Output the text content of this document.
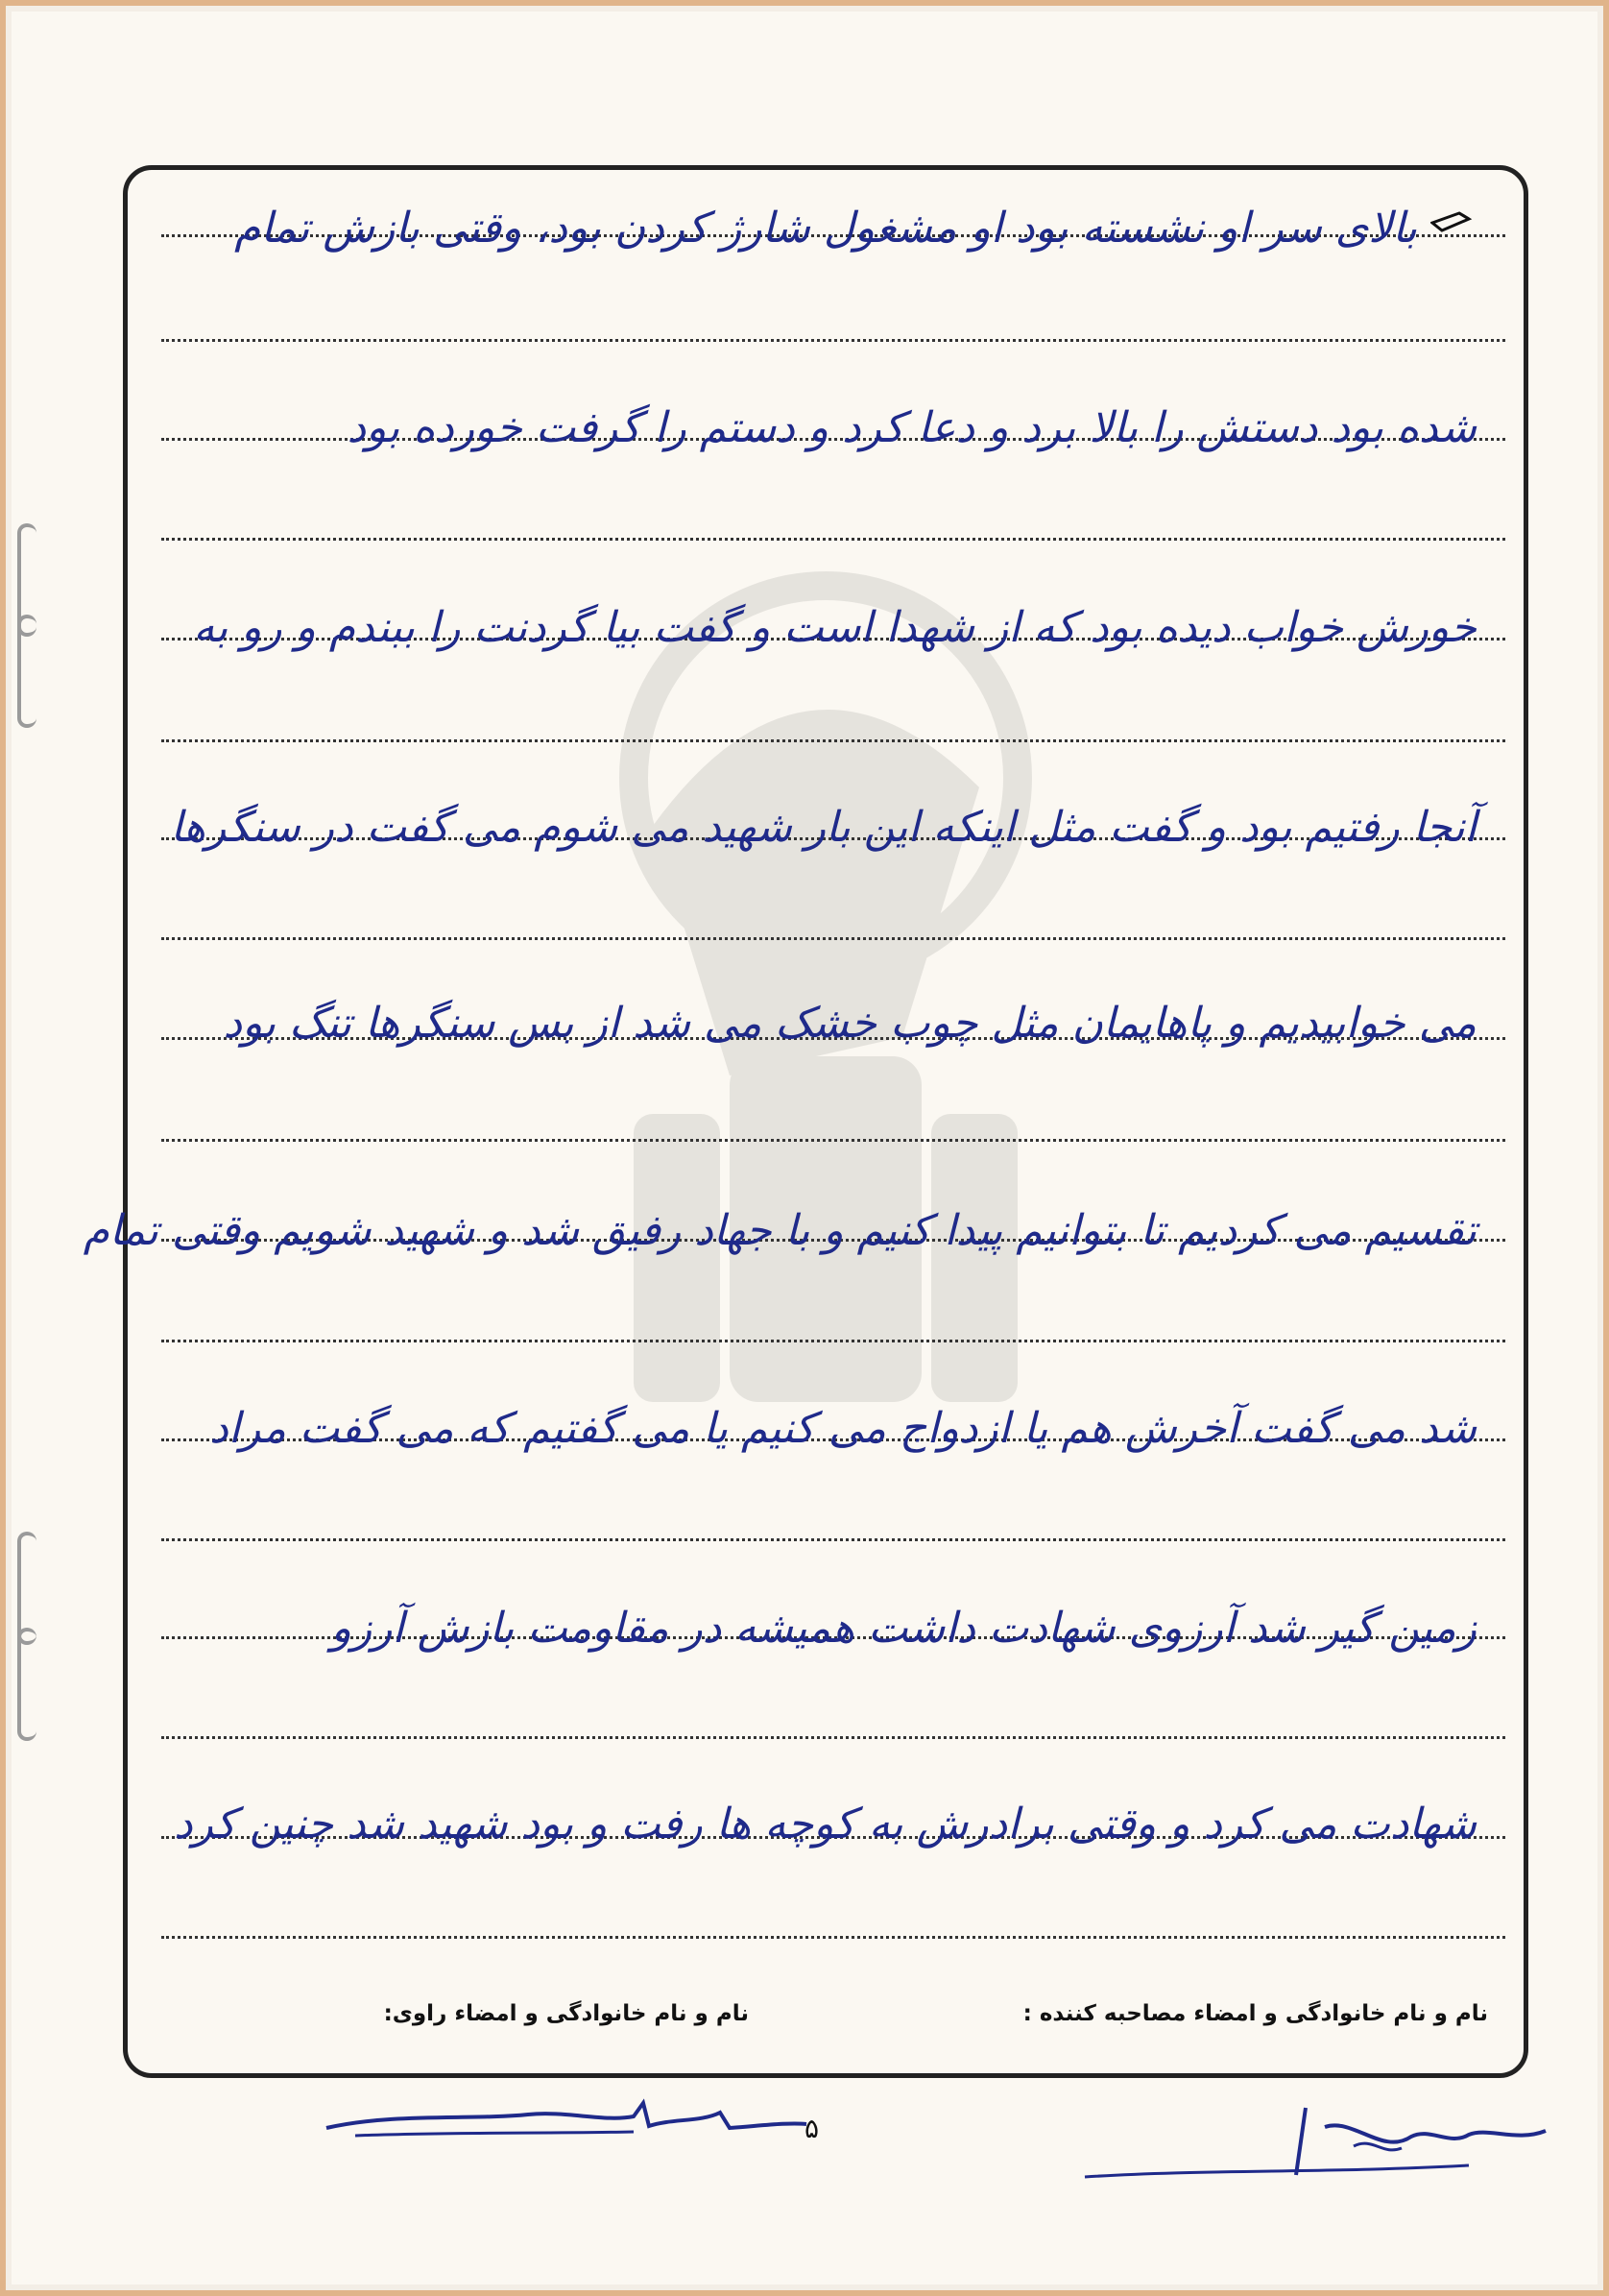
بالای سر او نشسته بود او مشغول شارژ کردن بود، وقتی بازش تمام
شده بود دستش را بالا برد و دعا کرد و دستم را گرفت خورده بود
خورش خواب دیده بود که از شهدا است و گفت بیا گردنت را ببندم و رو به
آنجا رفتیم بود و گفت مثل اینکه این بار شهید می شوم می گفت در سنگرها
می خوابیدیم و پاهایمان مثل چوب خشک می شد از بس سنگرها تنگ بود
تقسیم می کردیم تا بتوانیم پیدا کنیم و با جهاد رفیق شد و شهید شویم وقتی تمام
شد می گفت آخرش هم یا ازدواج می کنیم یا می گفتیم که می گفت مراد
زمین گیر شد آرزوی شهادت داشت همیشه در مقاومت بازش آرزو
شهادت می کرد و وقتی برادرش به کوچه ها رفت و بود شهید شد چنین کرد
نام و نام خانوادگی و امضاء مصاحبه کننده :
نام و نام خانوادگی و امضاء راوی:
۵
